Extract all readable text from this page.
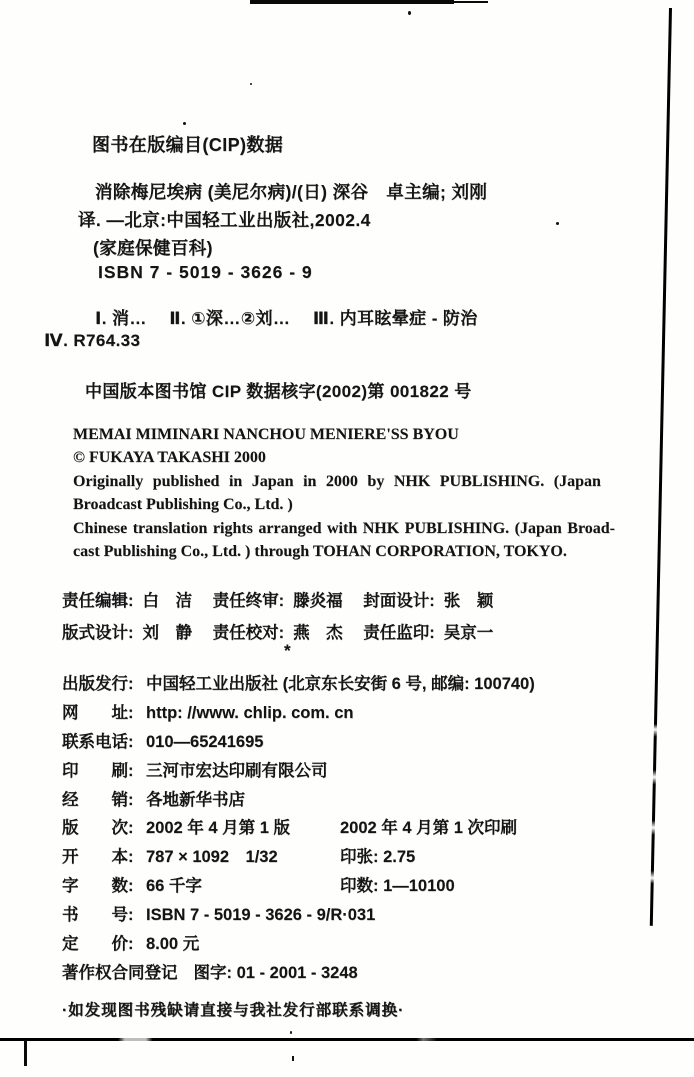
图书在版编目(CIP)数据
消除梅尼埃病 (美尼尔病)/(日) 深谷　卓主编; 刘刚
译. —北京:中国轻工业出版社,2002.4
(家庭保健百科)
ISBN 7 - 5019 - 3626 - 9
Ⅰ. 消…　 Ⅱ. ①深…②刘…　 Ⅲ. 内耳眩晕症 - 防治
Ⅳ. R764.33
中国版本图书馆 CIP 数据核字(2002)第 001822 号
MEMAI MIMINARI NANCHOU MENIERE'SS BYOU
© FUKAYA TAKASHI 2000
Originally published in Japan in 2000 by NHK PUBLISHING. (Japan
Broadcast Publishing Co., Ltd. )
Chinese translation rights arranged with NHK PUBLISHING. (Japan Broad-
cast Publishing Co., Ltd. ) through TOHAN CORPORATION, TOKYO.
责任编辑: 白　洁 责任终审: 滕炎福 封面设计: 张　颖
版式设计: 刘　静 责任校对: 燕　杰 责任监印: 吴京一
*
出版发行: 中国轻工业出版社 (北京东长安街 6 号, 邮编: 100740)
网　　址: http: //www. chlip. com. cn
联系电话: 010—65241695
印　　刷: 三河市宏达印刷有限公司
经　　销: 各地新华书店
版　　次: 2002 年 4 月第 1 版	2002 年 4 月第 1 次印刷
开　　本: 787 × 1092　1/32	印张: 2.75
字　　数: 66 千字	印数: 1—10100
书　　号: ISBN 7 - 5019 - 3626 - 9/R·031
定　　价: 8.00 元
著作权合同登记 图字: 01 - 2001 - 3248
·如发现图书残缺请直接与我社发行部联系调换·
